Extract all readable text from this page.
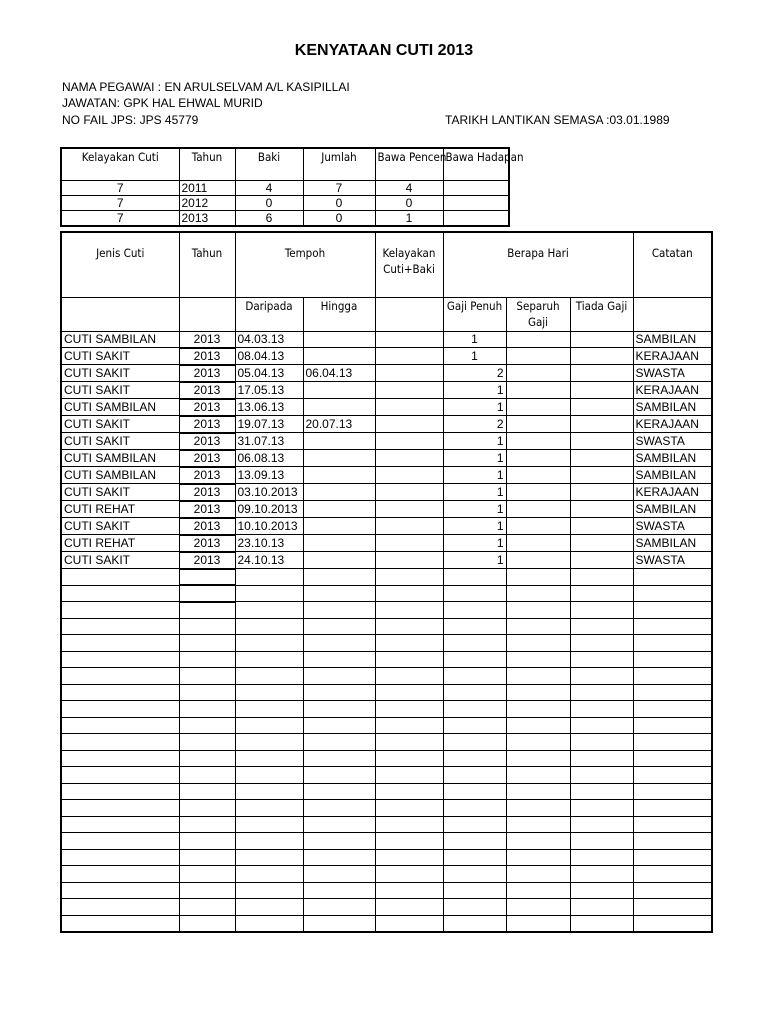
KENYATAAN CUTI 2013
NAMA PEGAWAI : EN ARULSELVAM A/L KASIPILLAI
JAWATAN: GPK HAL EHWAL MURID
NO FAIL JPS: JPS 45779	TARIKH LANTIKAN SEMASA :03.01.1989
Kelayakan Cuti	Tahun	Baki	Jumlah	Bawa Pencen	Bawa Hadapan
7	2011	4	7	4	
7	2012	0	0	0	
7	2013	6	0	1	
Jenis Cuti	Tahun	Tempoh		Kelayakan Cuti+Baki	Berapa Hari			Catatan
		Daripada	Hingga		Gaji Penuh	Separuh Gaji	Tiada Gaji	
CUTI SAMBILAN	2013	04.03.13			1			SAMBILAN
CUTI SAKIT	2013	08.04.13			1			KERAJAAN
CUTI SAKIT	2013	05.04.13	06.04.13		2			SWASTA
CUTI SAKIT	2013	17.05.13			1			KERAJAAN
CUTI SAMBILAN	2013	13.06.13			1			SAMBILAN
CUTI SAKIT	2013	19.07.13	20.07.13		2			KERAJAAN
CUTI SAKIT	2013	31.07.13			1			SWASTA
CUTI SAMBILAN	2013	06.08.13			1			SAMBILAN
CUTI SAMBILAN	2013	13.09.13			1			SAMBILAN
CUTI SAKIT	2013	03.10.2013			1			KERAJAAN
CUTI REHAT	2013	09.10.2013			1			SAMBILAN
CUTI SAKIT	2013	10.10.2013			1			SWASTA
CUTI REHAT	2013	23.10.13			1			SAMBILAN
CUTI SAKIT	2013	24.10.13			1			SWASTA
